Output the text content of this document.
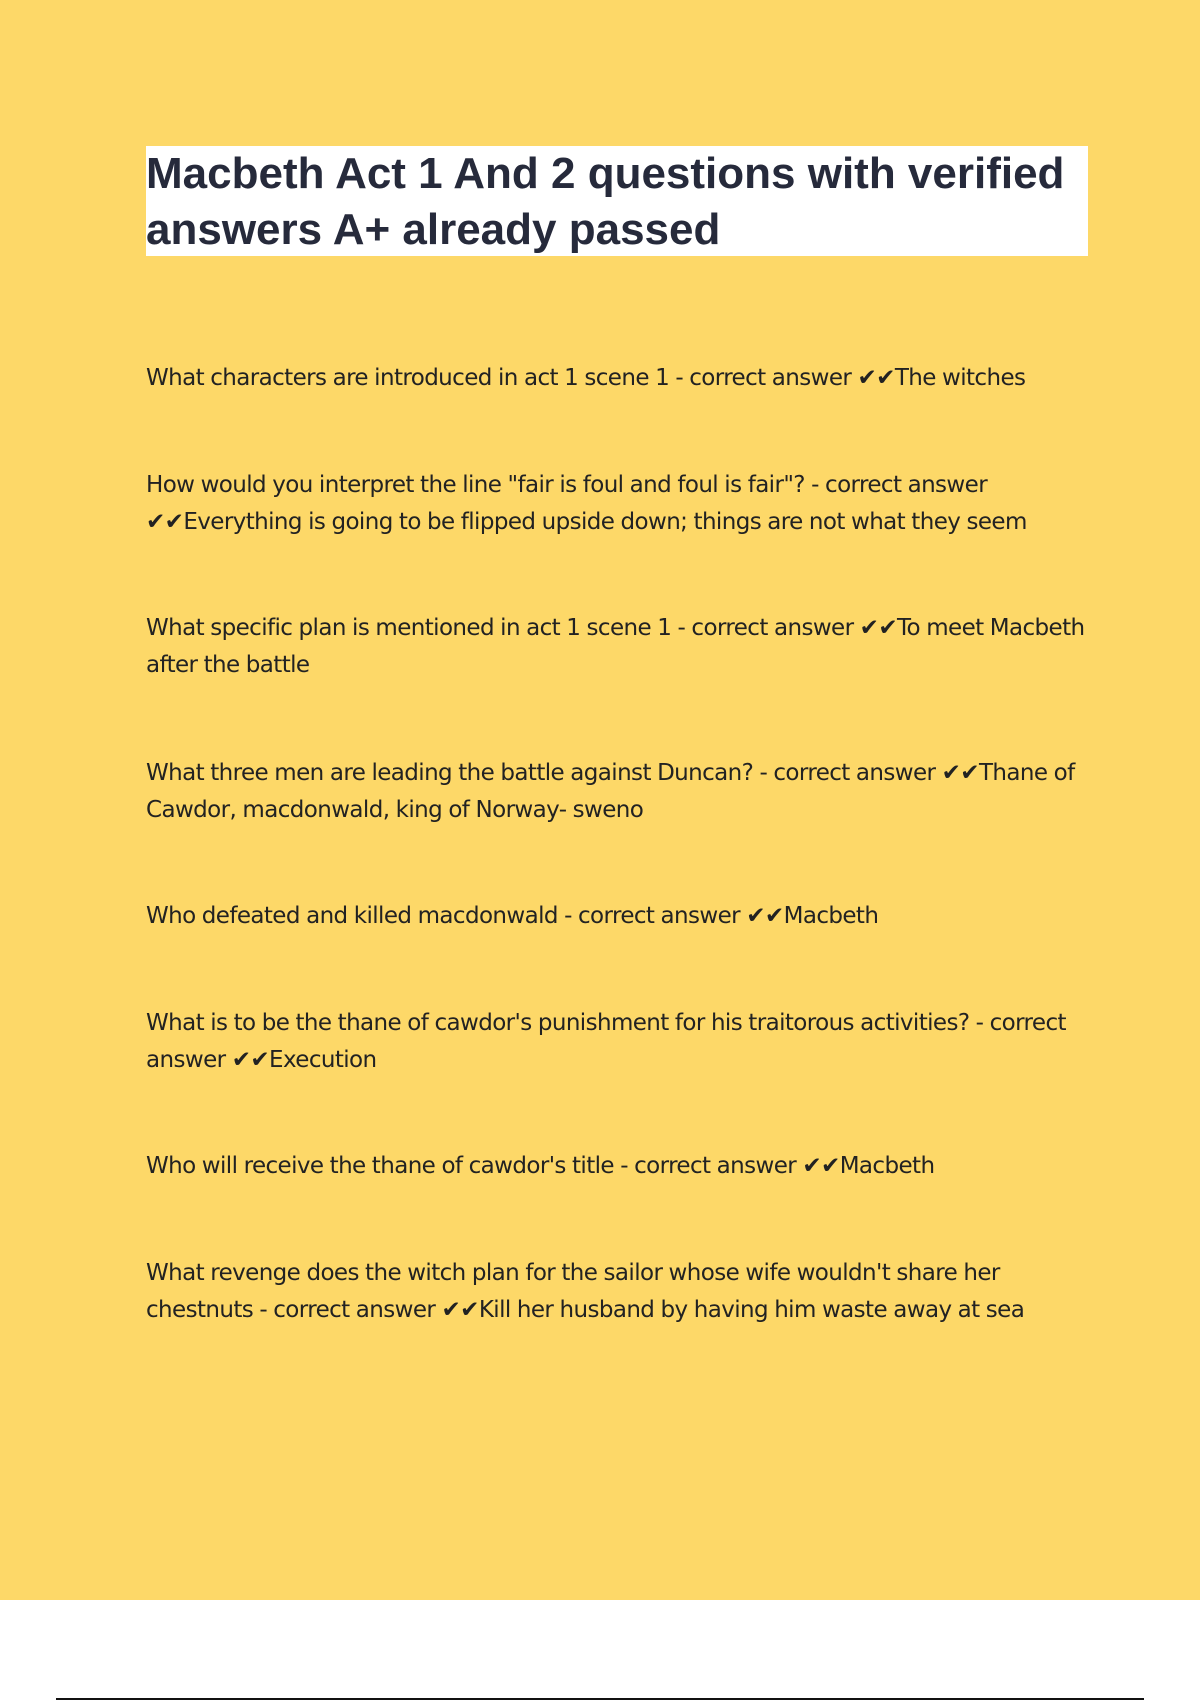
Macbeth Act 1 And 2 questions with verified answers A+ already passed
What characters are introduced in act 1 scene 1 - correct answer ✔✔The witches
How would you interpret the line "fair is foul and foul is fair"? - correct answer ✔✔Everything is going to be flipped upside down; things are not what they seem
What specific plan is mentioned in act 1 scene 1 - correct answer ✔✔To meet Macbeth after the battle
What three men are leading the battle against Duncan? - correct answer ✔✔Thane of Cawdor, macdonwald, king of Norway- sweno
Who defeated and killed macdonwald - correct answer ✔✔Macbeth
What is to be the thane of cawdor's punishment for his traitorous activities? - correct answer ✔✔Execution
Who will receive the thane of cawdor's title - correct answer ✔✔Macbeth
What revenge does the witch plan for the sailor whose wife wouldn't share her chestnuts - correct answer ✔✔Kill her husband by having him waste away at sea
